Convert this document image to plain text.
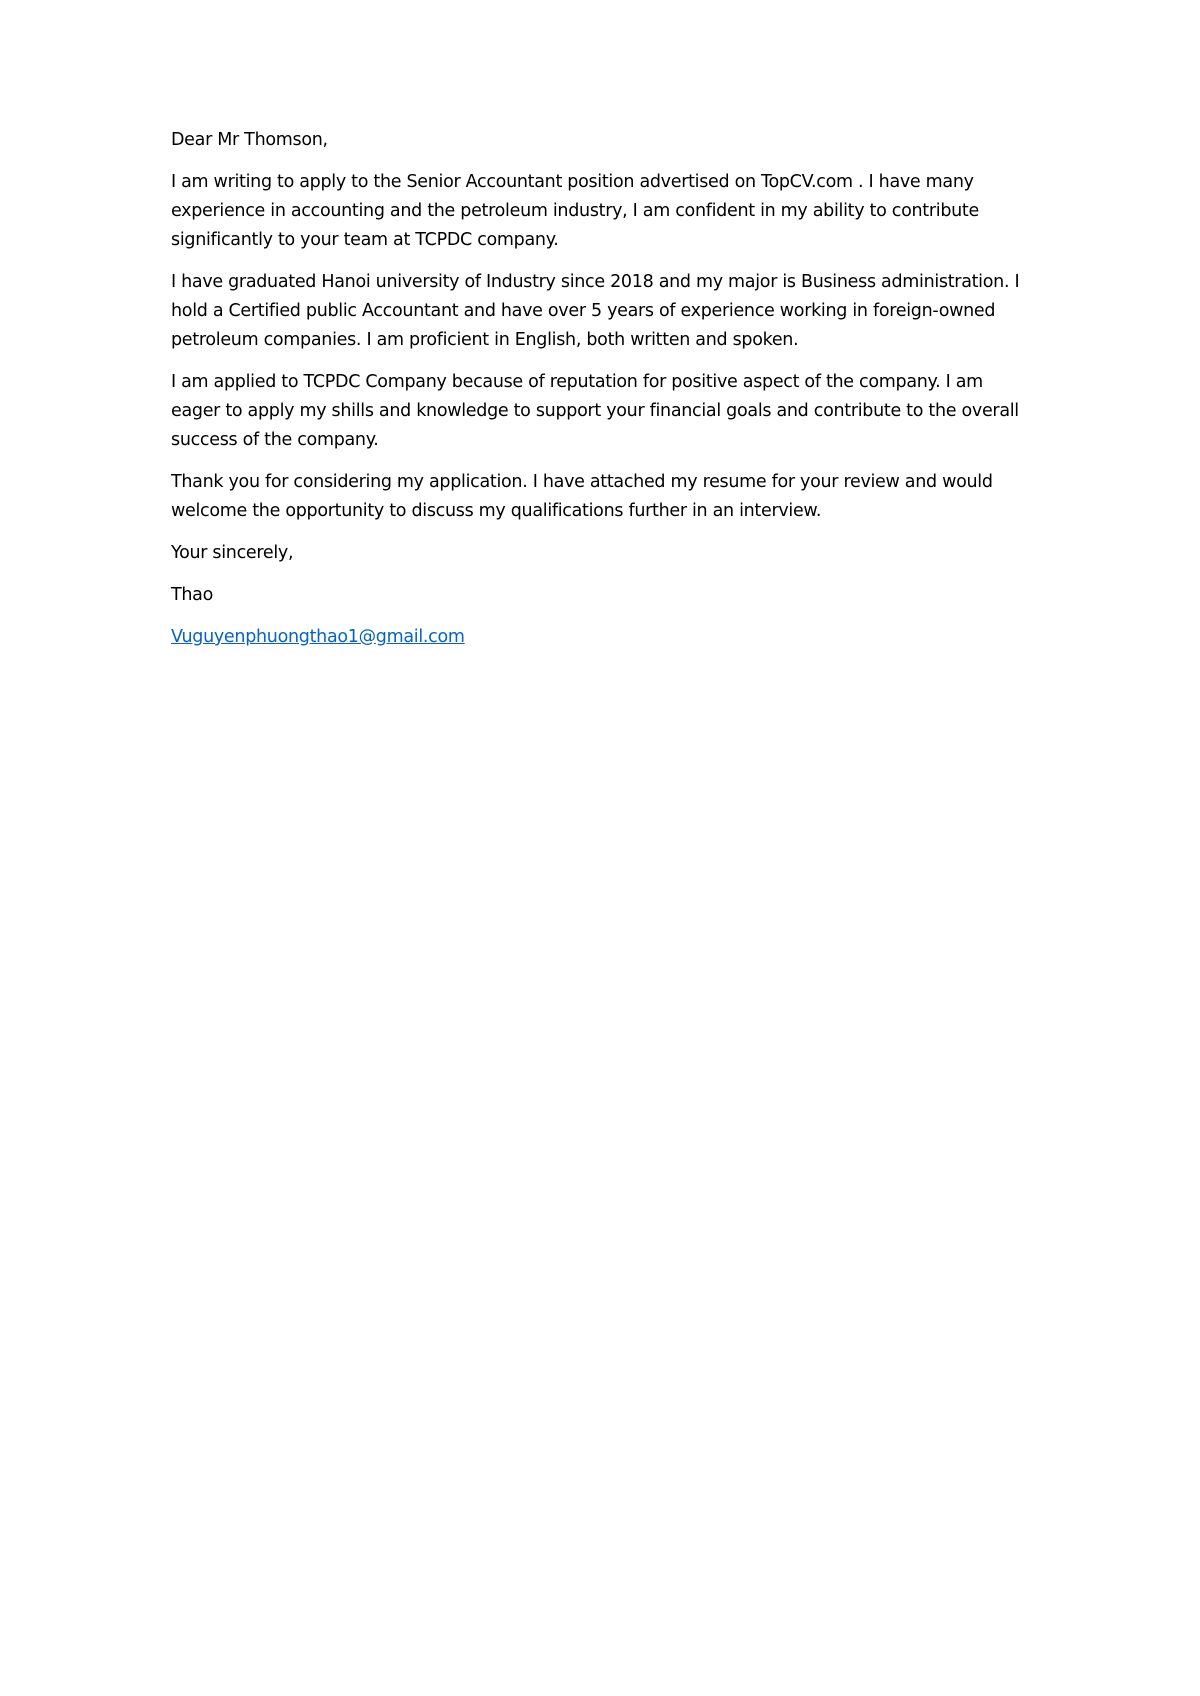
Dear Mr Thomson,

I am writing to apply to the Senior Accountant position advertised on TopCV.com . I have many
experience in accounting and the petroleum industry, I am confident in my ability to contribute
significantly to your team at TCPDC company.

I have graduated Hanoi university of Industry since 2018 and my major is Business administration. I
hold a Certified public Accountant and have over 5 years of experience working in foreign-owned
petroleum companies. I am proficient in English, both written and spoken.

I am applied to TCPDC Company because of reputation for positive aspect of the company. I am
eager to apply my shills and knowledge to support your financial goals and contribute to the overall
success of the company.

Thank you for considering my application. I have attached my resume for your review and would
welcome the opportunity to discuss my qualifications further in an interview.

Your sincerely,

Thao

Vuguyenphuongthao1@gmail.com
